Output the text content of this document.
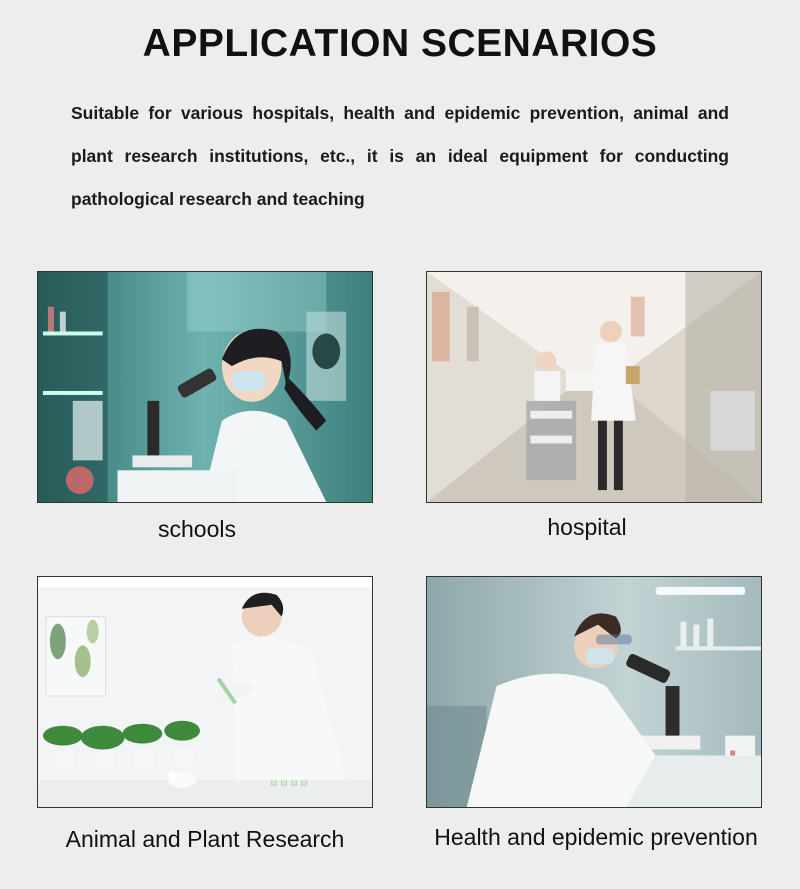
APPLICATION SCENARIOS
Suitable for various hospitals, health and epidemic prevention, animal and plant research institutions, etc., it is an ideal equipment for conducting pathological research and teaching
schools	hospital
Animal and Plant Research	Health and epidemic prevention
